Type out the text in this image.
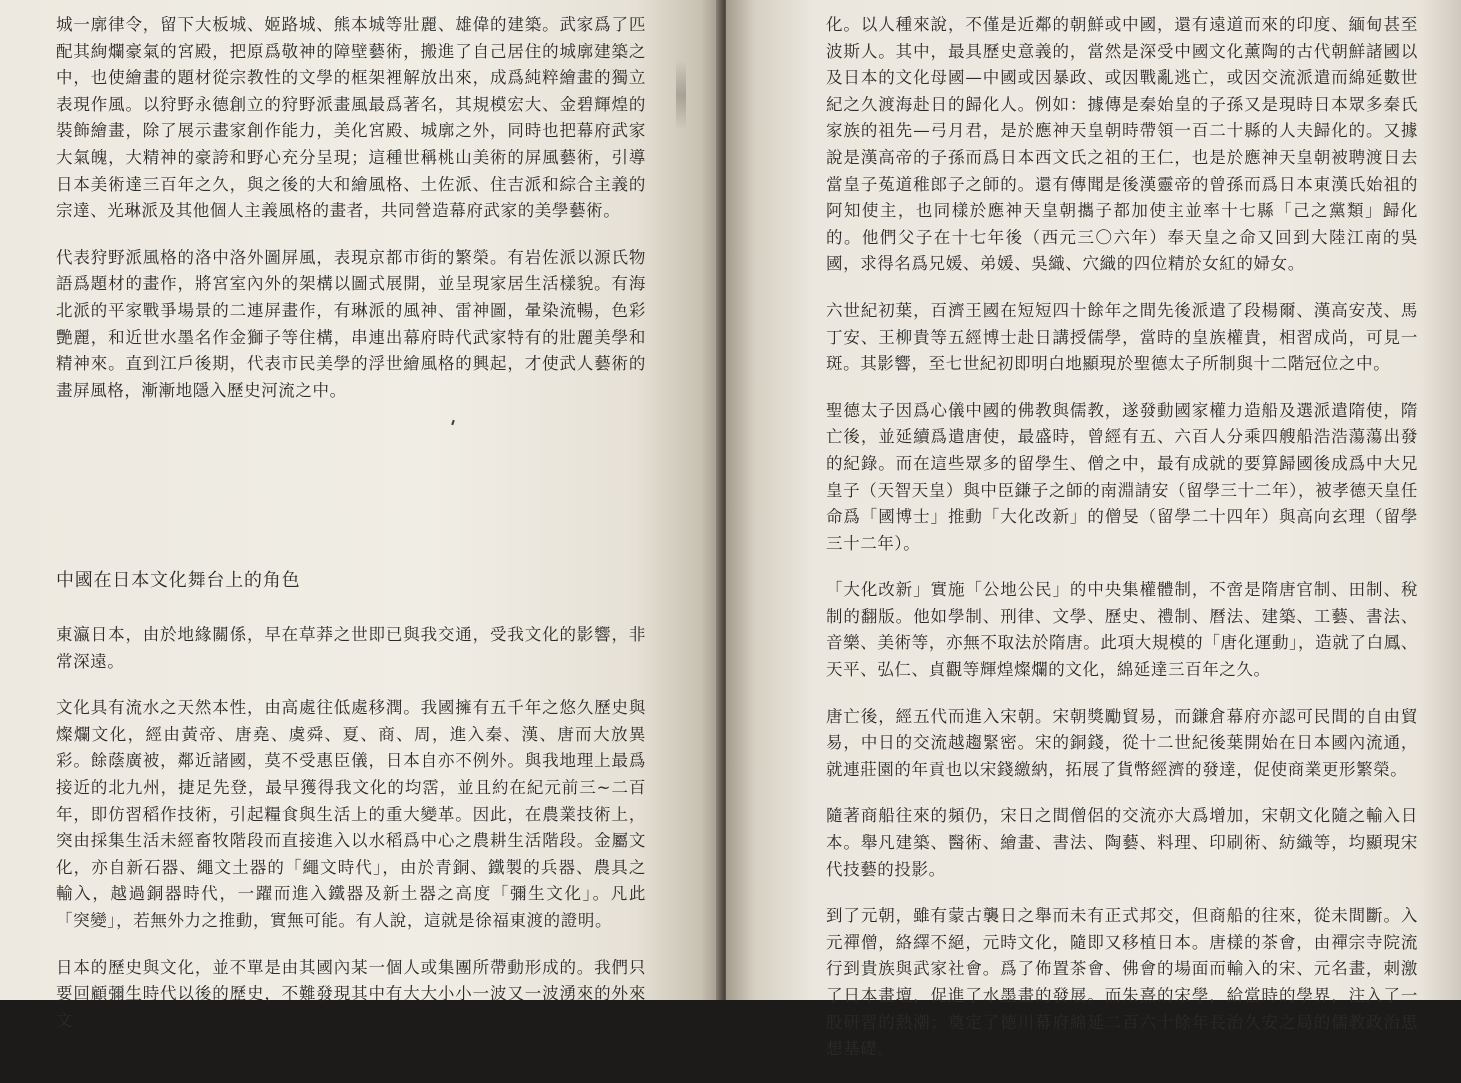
城一廓律令，留下大板城、姬路城、熊本城等壯麗、雄偉的建築。武家爲了匹配其絢爛豪氣的宮殿，把原爲敬神的障壁藝術，搬進了自己居住的城廓建築之中，也使繪畫的題材從宗教性的文學的框架裡解放出來，成爲純粹繪畫的獨立表現作風。以狩野永德創立的狩野派畫風最爲著名，其規模宏大、金碧輝煌的裝飾繪畫，除了展示畫家創作能力，美化宮殿、城廓之外，同時也把幕府武家大氣魄，大精神的豪誇和野心充分呈現；這種世稱桃山美術的屏風藝術，引導日本美術達三百年之久，與之後的大和繪風格、土佐派、住吉派和綜合主義的宗達、光琳派及其他個人主義風格的畫者，共同營造幕府武家的美學藝術。

代表狩野派風格的洛中洛外圖屏風，表現京都市街的繁榮。有岩佐派以源氏物語爲題材的畫作，將宮室內外的架構以圖式展開，並呈現家居生活樣貌。有海北派的平家戰爭場景的二連屏畫作，有琳派的風神、雷神圖，暈染流暢，色彩艷麗，和近世水墨名作金獅子等住構，串連出幕府時代武家特有的壯麗美學和精神來。直到江戶後期，代表市民美學的浮世繪風格的興起，才使武人藝術的畫屏風格，漸漸地隱入歷史河流之中。

中國在日本文化舞台上的角色

東瀛日本，由於地緣關係，早在草莽之世即已與我交通，受我文化的影響，非常深遠。

文化具有流水之天然本性，由高處往低處移潤。我國擁有五千年之悠久歷史與燦爛文化，經由黃帝、唐堯、虞舜、夏、商、周，進入秦、漢、唐而大放異彩。餘蔭廣被，鄰近諸國，莫不受惠臣儀，日本自亦不例外。與我地理上最爲接近的北九州，捷足先登，最早獲得我文化的均霑，並且約在紀元前三~二百年，即仿習稻作技術，引起糧食與生活上的重大變革。因此，在農業技術上，突由採集生活未經畜牧階段而直接進入以水稻爲中心之農耕生活階段。金屬文化，亦自新石器、繩文土器的「繩文時代」，由於青銅、鐵製的兵器、農具之輸入，越過銅器時代，一躍而進入鐵器及新土器之高度「彌生文化」。凡此「突變」，若無外力之推動，實無可能。有人說，這就是徐福東渡的證明。

日本的歷史與文化，並不單是由其國內某一個人或集團所帶動形成的。我們只要回顧彌生時代以後的歷史，不難發現其中有大大小小一波又一波湧來的外來文

化。以人種來說，不僅是近鄰的朝鮮或中國，還有遠道而來的印度、緬甸甚至波斯人。其中，最具歷史意義的，當然是深受中國文化薰陶的古代朝鮮諸國以及日本的文化母國—中國或因暴政、或因戰亂逃亡，或因交流派遣而綿延數世紀之久渡海赴日的歸化人。例如：據傳是秦始皇的子孫又是現時日本眾多秦氏家族的祖先—弓月君，是於應神天皇朝時帶領一百二十縣的人夫歸化的。又據說是漢高帝的子孫而爲日本西文氏之祖的王仁，也是於應神天皇朝被聘渡日去當皇子菟道稚郎子之師的。還有傳聞是後漢靈帝的曾孫而爲日本東漢氏始祖的阿知使主，也同樣於應神天皇朝攜子都加使主並率十七縣「己之黨類」歸化的。他們父子在十七年後（西元三〇六年）奉天皇之命又回到大陸江南的吳國，求得名爲兄媛、弟媛、吳織、穴織的四位精於女紅的婦女。

六世紀初葉，百濟王國在短短四十餘年之間先後派遣了段楊爾、漢高安茂、馬丁安、王柳貴等五經博士赴日講授儒學，當時的皇族權貴，相習成尚，可見一斑。其影響，至七世紀初即明白地顯現於聖德太子所制與十二階冠位之中。

聖德太子因爲心儀中國的佛教與儒教，遂發動國家權力造船及選派遣隋使，隋亡後，並延續爲遣唐使，最盛時，曾經有五、六百人分乘四艘船浩浩蕩蕩出發的紀錄。而在這些眾多的留學生、僧之中，最有成就的要算歸國後成爲中大兄皇子（天智天皇）與中臣鎌子之師的南淵請安（留學三十二年），被孝德天皇任命爲「國博士」推動「大化改新」的僧旻（留學二十四年）與高向玄理（留學三十二年）。

「大化改新」實施「公地公民」的中央集權體制，不啻是隋唐官制、田制、稅制的翻版。他如學制、刑律、文學、歷史、禮制、曆法、建築、工藝、書法、音樂、美術等，亦無不取法於隋唐。此項大規模的「唐化運動」，造就了白鳳、天平、弘仁、貞觀等輝煌燦爛的文化，綿延達三百年之久。

唐亡後，經五代而進入宋朝。宋朝獎勵貿易，而鎌倉幕府亦認可民間的自由貿易，中日的交流越趨緊密。宋的銅錢，從十二世紀後葉開始在日本國內流通，就連莊園的年貢也以宋錢繳納，拓展了貨幣經濟的發達，促使商業更形繁榮。

隨著商船往來的頻仍，宋日之間僧侶的交流亦大爲增加，宋朝文化隨之輸入日本。舉凡建築、醫術、繪畫、書法、陶藝、料理、印刷術、紡織等，均顯現宋代技藝的投影。

到了元朝，雖有蒙古襲日之舉而未有正式邦交，但商船的往來，從未間斷。入元禪僧，絡繹不絕，元時文化，隨即又移植日本。唐樣的茶會，由禪宗寺院流行到貴族與武家社會。爲了佈置茶會、佛會的場面而輸入的宋、元名畫，刺激了日本畫壇，促進了水墨畫的發展。而朱熹的宋學，給當時的學界，注入了一股研習的熱潮；奠定了德川幕府綿延二百六十餘年長治久安之局的儒教政治思想基礎。
